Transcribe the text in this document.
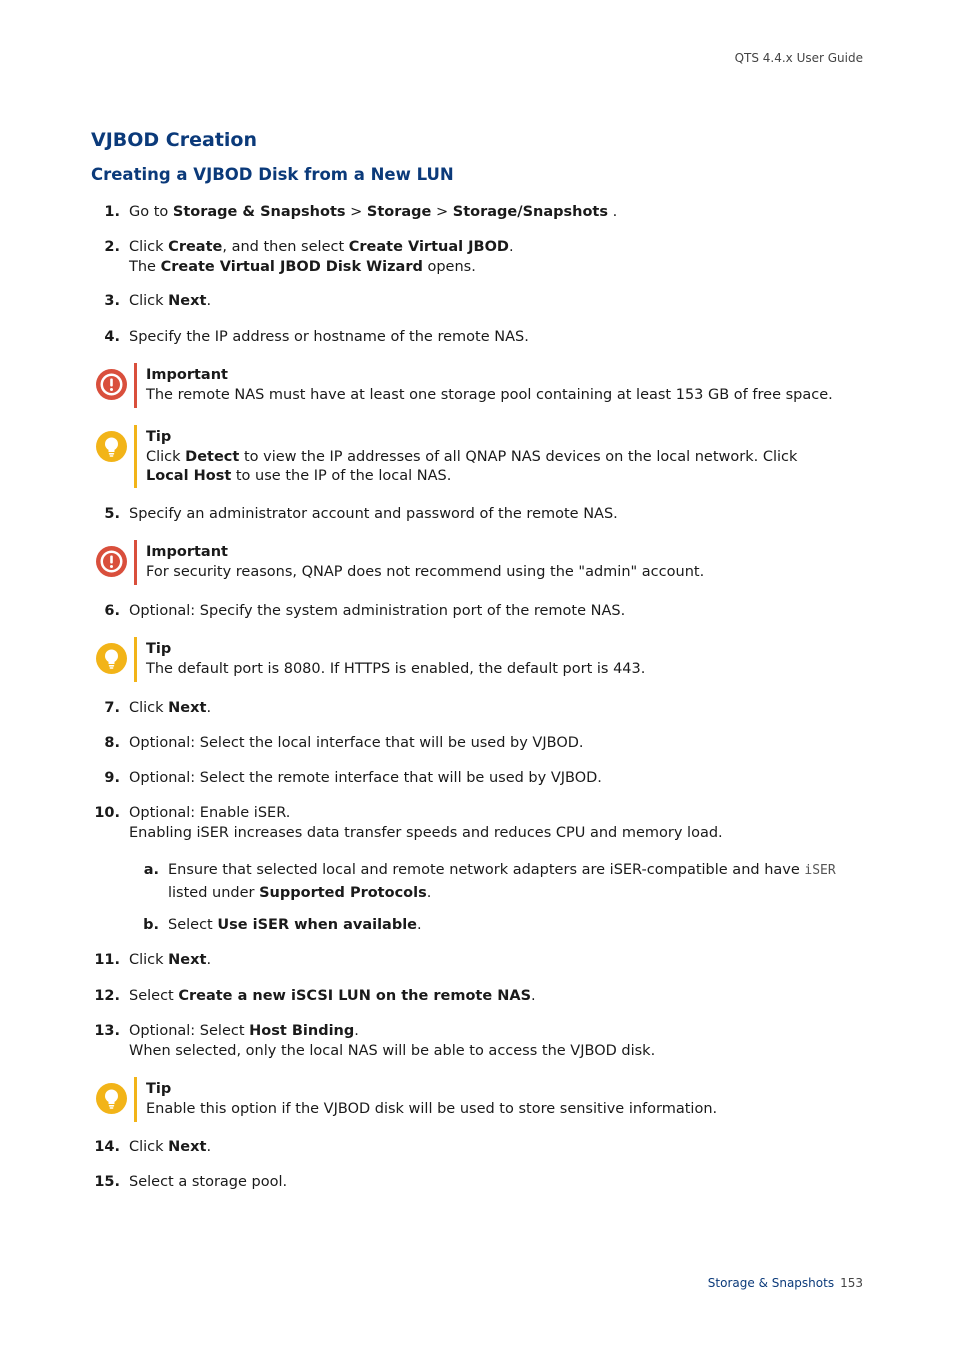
QTS 4.4.x User Guide
VJBOD Creation
Creating a VJBOD Disk from a New LUN
1. Go to Storage & Snapshots > Storage > Storage/Snapshots .
2. Click Create, and then select Create Virtual JBOD.
The Create Virtual JBOD Disk Wizard opens.
3. Click Next.
4. Specify the IP address or hostname of the remote NAS.
Important
The remote NAS must have at least one storage pool containing at least 153 GB of free space.
Tip
Click Detect to view the IP addresses of all QNAP NAS devices on the local network. Click Local Host to use the IP of the local NAS.
5. Specify an administrator account and password of the remote NAS.
Important
For security reasons, QNAP does not recommend using the "admin" account.
6. Optional: Specify the system administration port of the remote NAS.
Tip
The default port is 8080. If HTTPS is enabled, the default port is 443.
7. Click Next.
8. Optional: Select the local interface that will be used by VJBOD.
9. Optional: Select the remote interface that will be used by VJBOD.
10. Optional: Enable iSER.
Enabling iSER increases data transfer speeds and reduces CPU and memory load.
a. Ensure that selected local and remote network adapters are iSER-compatible and have iSER listed under Supported Protocols.
b. Select Use iSER when available.
11. Click Next.
12. Select Create a new iSCSI LUN on the remote NAS.
13. Optional: Select Host Binding.
When selected, only the local NAS will be able to access the VJBOD disk.
Tip
Enable this option if the VJBOD disk will be used to store sensitive information.
14. Click Next.
15. Select a storage pool.
Storage & Snapshots 153
